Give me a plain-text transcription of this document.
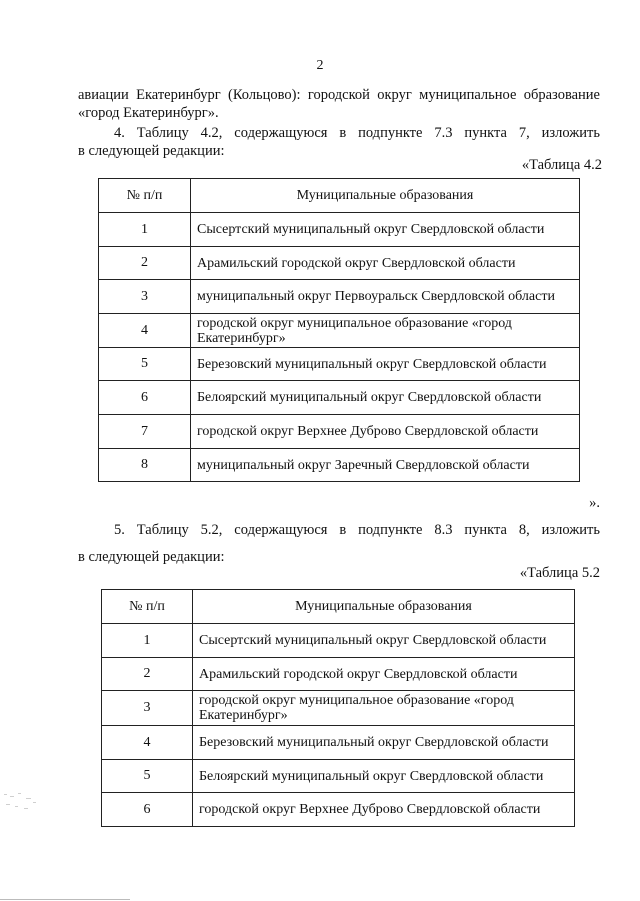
2
авиации Екатеринбург (Кольцово): городской округ муниципальное образование
«город Екатеринбург».
4. Таблицу 4.2, содержащуюся в подпункте 7.3 пункта 7, изложить
в следующей редакции:
«Таблица 4.2
№ п/п	Муниципальные образования
1	Сысертский муниципальный округ Свердловской области
2	Арамильский городской округ Свердловской области
3	муниципальный округ Первоуральск Свердловской области
4	городской округ муниципальное образование «город Екатеринбург»
5	Березовский муниципальный округ Свердловской области
6	Белоярский муниципальный округ Свердловской области
7	городской округ Верхнее Дуброво Свердловской области
8	муниципальный округ Заречный Свердловской области
».
5. Таблицу 5.2, содержащуюся в подпункте 8.3 пункта 8, изложить
в следующей редакции:
«Таблица 5.2
№ п/п	Муниципальные образования
1	Сысертский муниципальный округ Свердловской области
2	Арамильский городской округ Свердловской области
3	городской округ муниципальное образование «город Екатеринбург»
4	Березовский муниципальный округ Свердловской области
5	Белоярский муниципальный округ Свердловской области
6	городской округ Верхнее Дуброво Свердловской области
